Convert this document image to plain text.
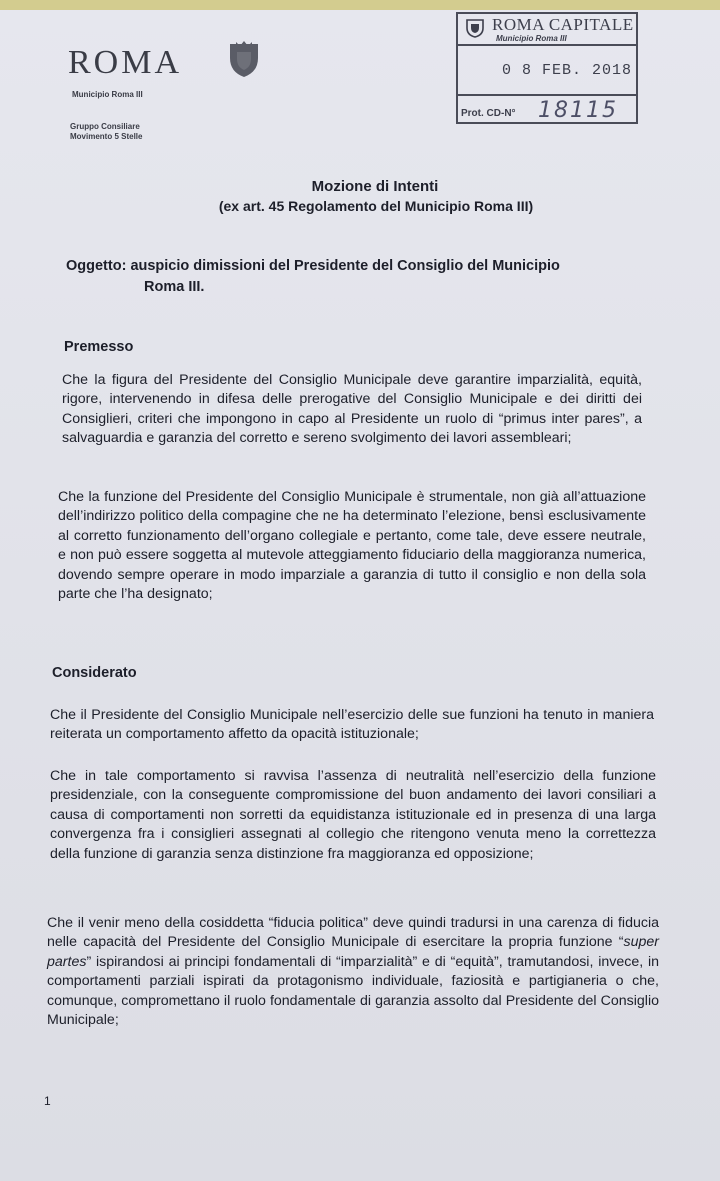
ROMA
Municipio Roma III
Gruppo Consiliare
Movimento 5 Stelle
ROMA CAPITALE
Municipio Roma III
0 8 FEB. 2018
Prot. CD-N° 18115
Mozione di Intenti
(ex art. 45 Regolamento del Municipio Roma III)
Oggetto: auspicio dimissioni del Presidente del Consiglio del Municipio
Roma III.
Premesso
Che la figura del Presidente del Consiglio Municipale deve garantire imparzialità, equità, rigore, intervenendo in difesa delle prerogative del Consiglio Municipale e dei diritti dei Consiglieri, criteri che impongono in capo al Presidente un ruolo di “primus inter pares”, a salvaguardia e garanzia del corretto e sereno svolgimento dei lavori assembleari;
Che la funzione del Presidente del Consiglio Municipale è strumentale, non già all’attuazione dell’indirizzo politico della compagine che ne ha determinato l’elezione, bensì esclusivamente al corretto funzionamento dell’organo collegiale e pertanto, come tale, deve essere neutrale, e non può essere soggetta al mutevole atteggiamento fiduciario della maggioranza numerica, dovendo sempre operare in modo imparziale a garanzia di tutto il consiglio e non della sola parte che l’ha designato;
Considerato
Che il Presidente del Consiglio Municipale nell’esercizio delle sue funzioni ha tenuto in maniera reiterata un comportamento affetto da opacità istituzionale;
Che in tale comportamento si ravvisa l’assenza di neutralità nell’esercizio della funzione presidenziale, con la conseguente compromissione del buon andamento dei lavori consiliari a causa di comportamenti non sorretti da equidistanza istituzionale ed in presenza di una larga convergenza fra i consiglieri assegnati al collegio che ritengono venuta meno la correttezza della funzione di garanzia senza distinzione fra maggioranza ed opposizione;
Che il venir meno della cosiddetta “fiducia politica” deve quindi tradursi in una carenza di fiducia nelle capacità del Presidente del Consiglio Municipale di esercitare la propria funzione “super partes” ispirandosi ai principi fondamentali di “imparzialità” e di “equità”, tramutandosi, invece, in comportamenti parziali ispirati da protagonismo individuale, faziosità e partigianeria o che, comunque, compromettano il ruolo fondamentale di garanzia assolto dal Presidente del Consiglio Municipale;
1
